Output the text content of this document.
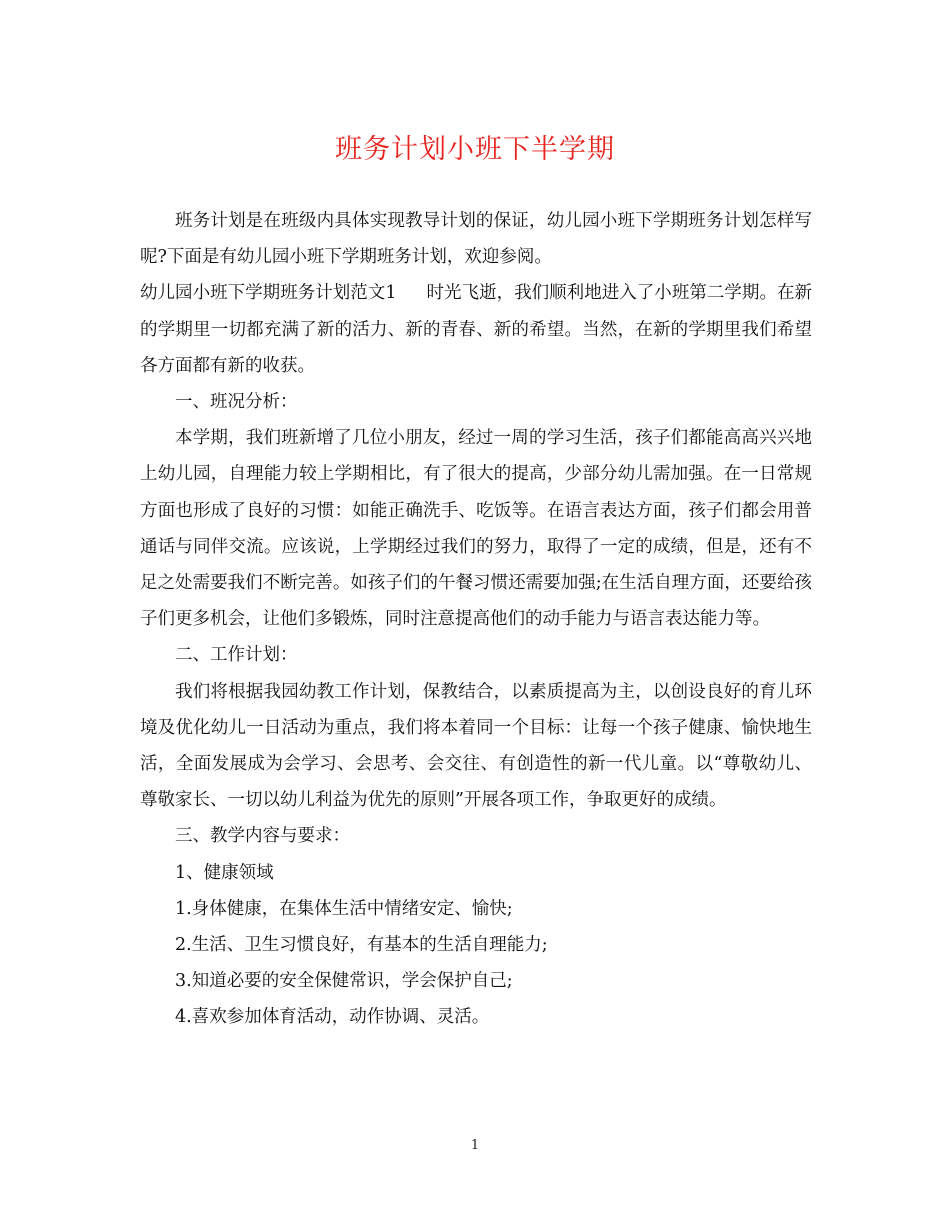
班务计划小班下半学期

班务计划是在班级内具体实现教导计划的保证，幼儿园小班下学期班务计划怎样写呢?下面是有幼儿园小班下学期班务计划，欢迎参阅。

幼儿园小班下学期班务计划范文1 时光飞逝，我们顺利地进入了小班第二学期。在新的学期里一切都充满了新的活力、新的青春、新的希望。当然，在新的学期里我们希望各方面都有新的收获。

一、班况分析：

本学期，我们班新增了几位小朋友，经过一周的学习生活，孩子们都能高高兴兴地上幼儿园，自理能力较上学期相比，有了很大的提高，少部分幼儿需加强。在一日常规方面也形成了良好的习惯：如能正确洗手、吃饭等。在语言表达方面，孩子们都会用普通话与同伴交流。应该说，上学期经过我们的努力，取得了一定的成绩，但是，还有不足之处需要我们不断完善。如孩子们的午餐习惯还需要加强;在生活自理方面，还要给孩子们更多机会，让他们多锻炼，同时注意提高他们的动手能力与语言表达能力等。

二、工作计划：

我们将根据我园幼教工作计划，保教结合，以素质提高为主，以创设良好的育儿环境及优化幼儿一日活动为重点，我们将本着同一个目标：让每一个孩子健康、愉快地生活，全面发展成为会学习、会思考、会交往、有创造性的新一代儿童。以“尊敬幼儿、尊敬家长、一切以幼儿利益为优先的原则”开展各项工作，争取更好的成绩。

三、教学内容与要求：

1、健康领域

1.身体健康，在集体生活中情绪安定、愉快;

2.生活、卫生习惯良好，有基本的生活自理能力;

3.知道必要的安全保健常识，学会保护自己;

4.喜欢参加体育活动，动作协调、灵活。

1
